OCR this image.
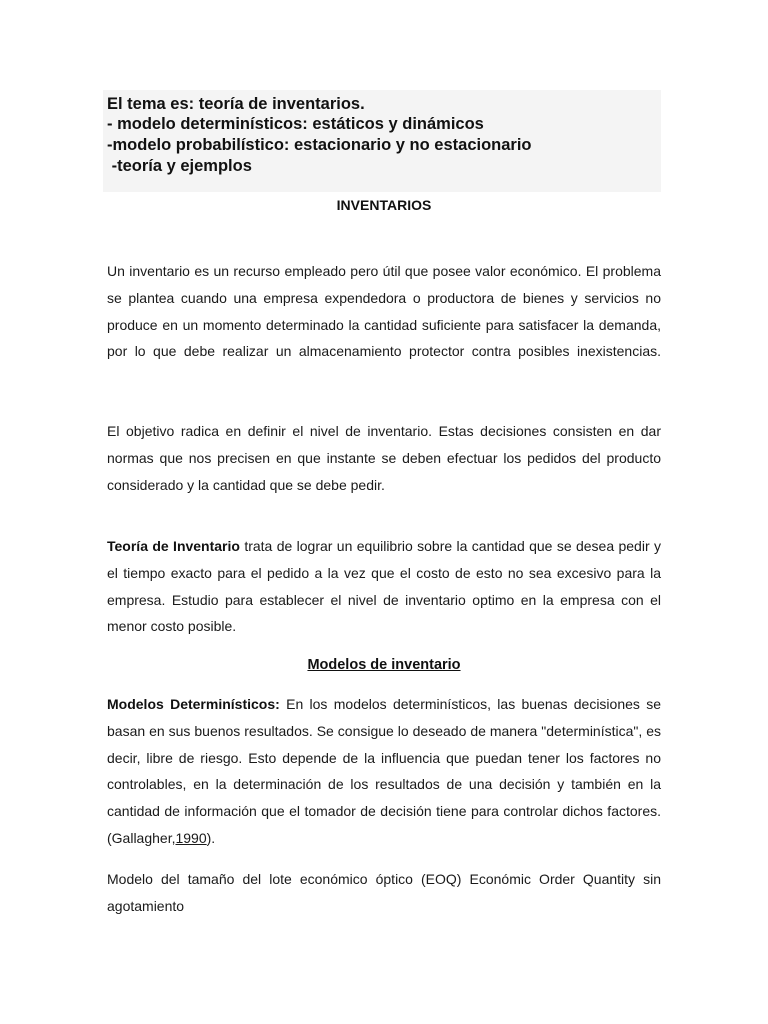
El tema es: teoría de inventarios.
- modelo determinísticos: estáticos y dinámicos
-modelo probabilístico: estacionario y no estacionario
-teoría y ejemplos
INVENTARIOS

Un inventario es un recurso empleado pero útil que posee valor económico. El problema se plantea cuando una empresa expendedora o productora de bienes y servicios no produce en un momento determinado la cantidad suficiente para satisfacer la demanda, por lo que debe realizar un almacenamiento protector contra posibles inexistencias.

El objetivo radica en definir el nivel de inventario. Estas decisiones consisten en dar normas que nos precisen en que instante se deben efectuar los pedidos del producto considerado y la cantidad que se debe pedir.

Teoría de Inventario trata de lograr un equilibrio sobre la cantidad que se desea pedir y el tiempo exacto para el pedido a la vez que el costo de esto no sea excesivo para la empresa. Estudio para establecer el nivel de inventario optimo en la empresa con el menor costo posible.

Modelos de inventario

Modelos Determinísticos: En los modelos determinísticos, las buenas decisiones se basan en sus buenos resultados. Se consigue lo deseado de manera "determinística", es decir, libre de riesgo. Esto depende de la influencia que puedan tener los factores no controlables, en la determinación de los resultados de una decisión y también en la cantidad de información que el tomador de decisión tiene para controlar dichos factores. (Gallagher,1990).

Modelo del tamaño del lote económico óptico (EOQ) Económic Order Quantity sin agotamiento
